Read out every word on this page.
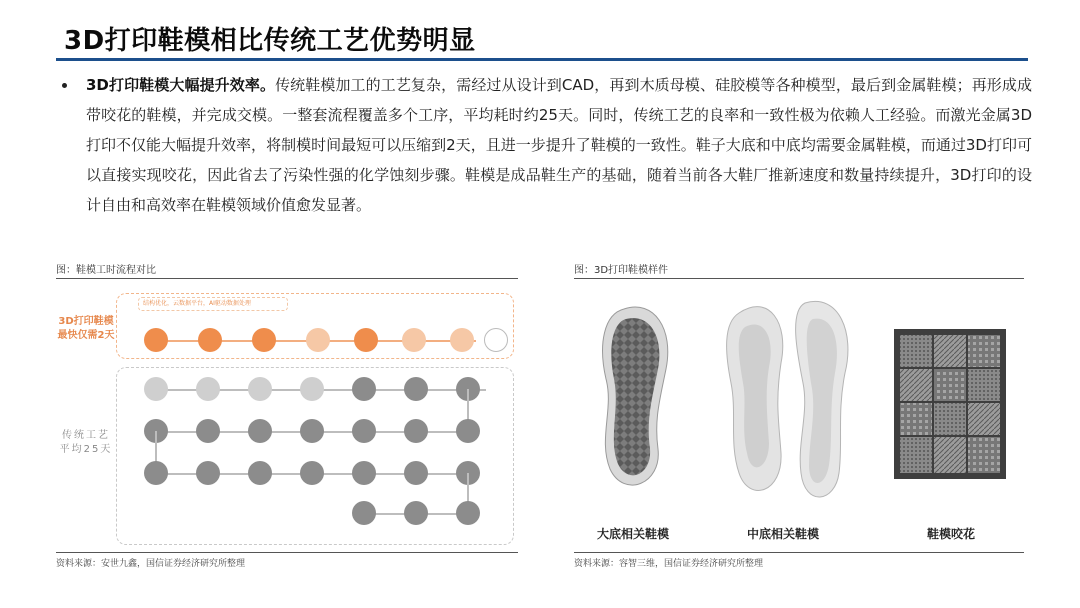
3D打印鞋模相比传统工艺优势明显

3D打印鞋模大幅提升效率。传统鞋模加工的工艺复杂，需经过从设计到CAD，再到木质母模、硅胶模等各种模型，最后到金属鞋模；再形成成带咬花的鞋模，并完成交模。一整套流程覆盖多个工序，平均耗时约25天。同时，传统工艺的良率和一致性极为依赖人工经验。而激光金属3D打印不仅能大幅提升效率，将制模时间最短可以压缩到2天，且进一步提升了鞋模的一致性。鞋子大底和中底均需要金属鞋模，而通过3D打印可以直接实现咬花，因此省去了污染性强的化学蚀刻步骤。鞋模是成品鞋生产的基础，随着当前各大鞋厂推新速度和数量持续提升，3D打印的设计自由和高效率在鞋模领域价值愈发显著。

图：鞋模工时流程对比
3D打印鞋模
最快仅需2天
传统工艺
平均25天
结构优化，云数据平台，AI驱动数据处理
资料来源：安世九鑫，国信证券经济研究所整理
图：3D打印鞋模样件
大底相关鞋模	中底相关鞋模	鞋模咬花
资料来源：容智三维，国信证券经济研究所整理
